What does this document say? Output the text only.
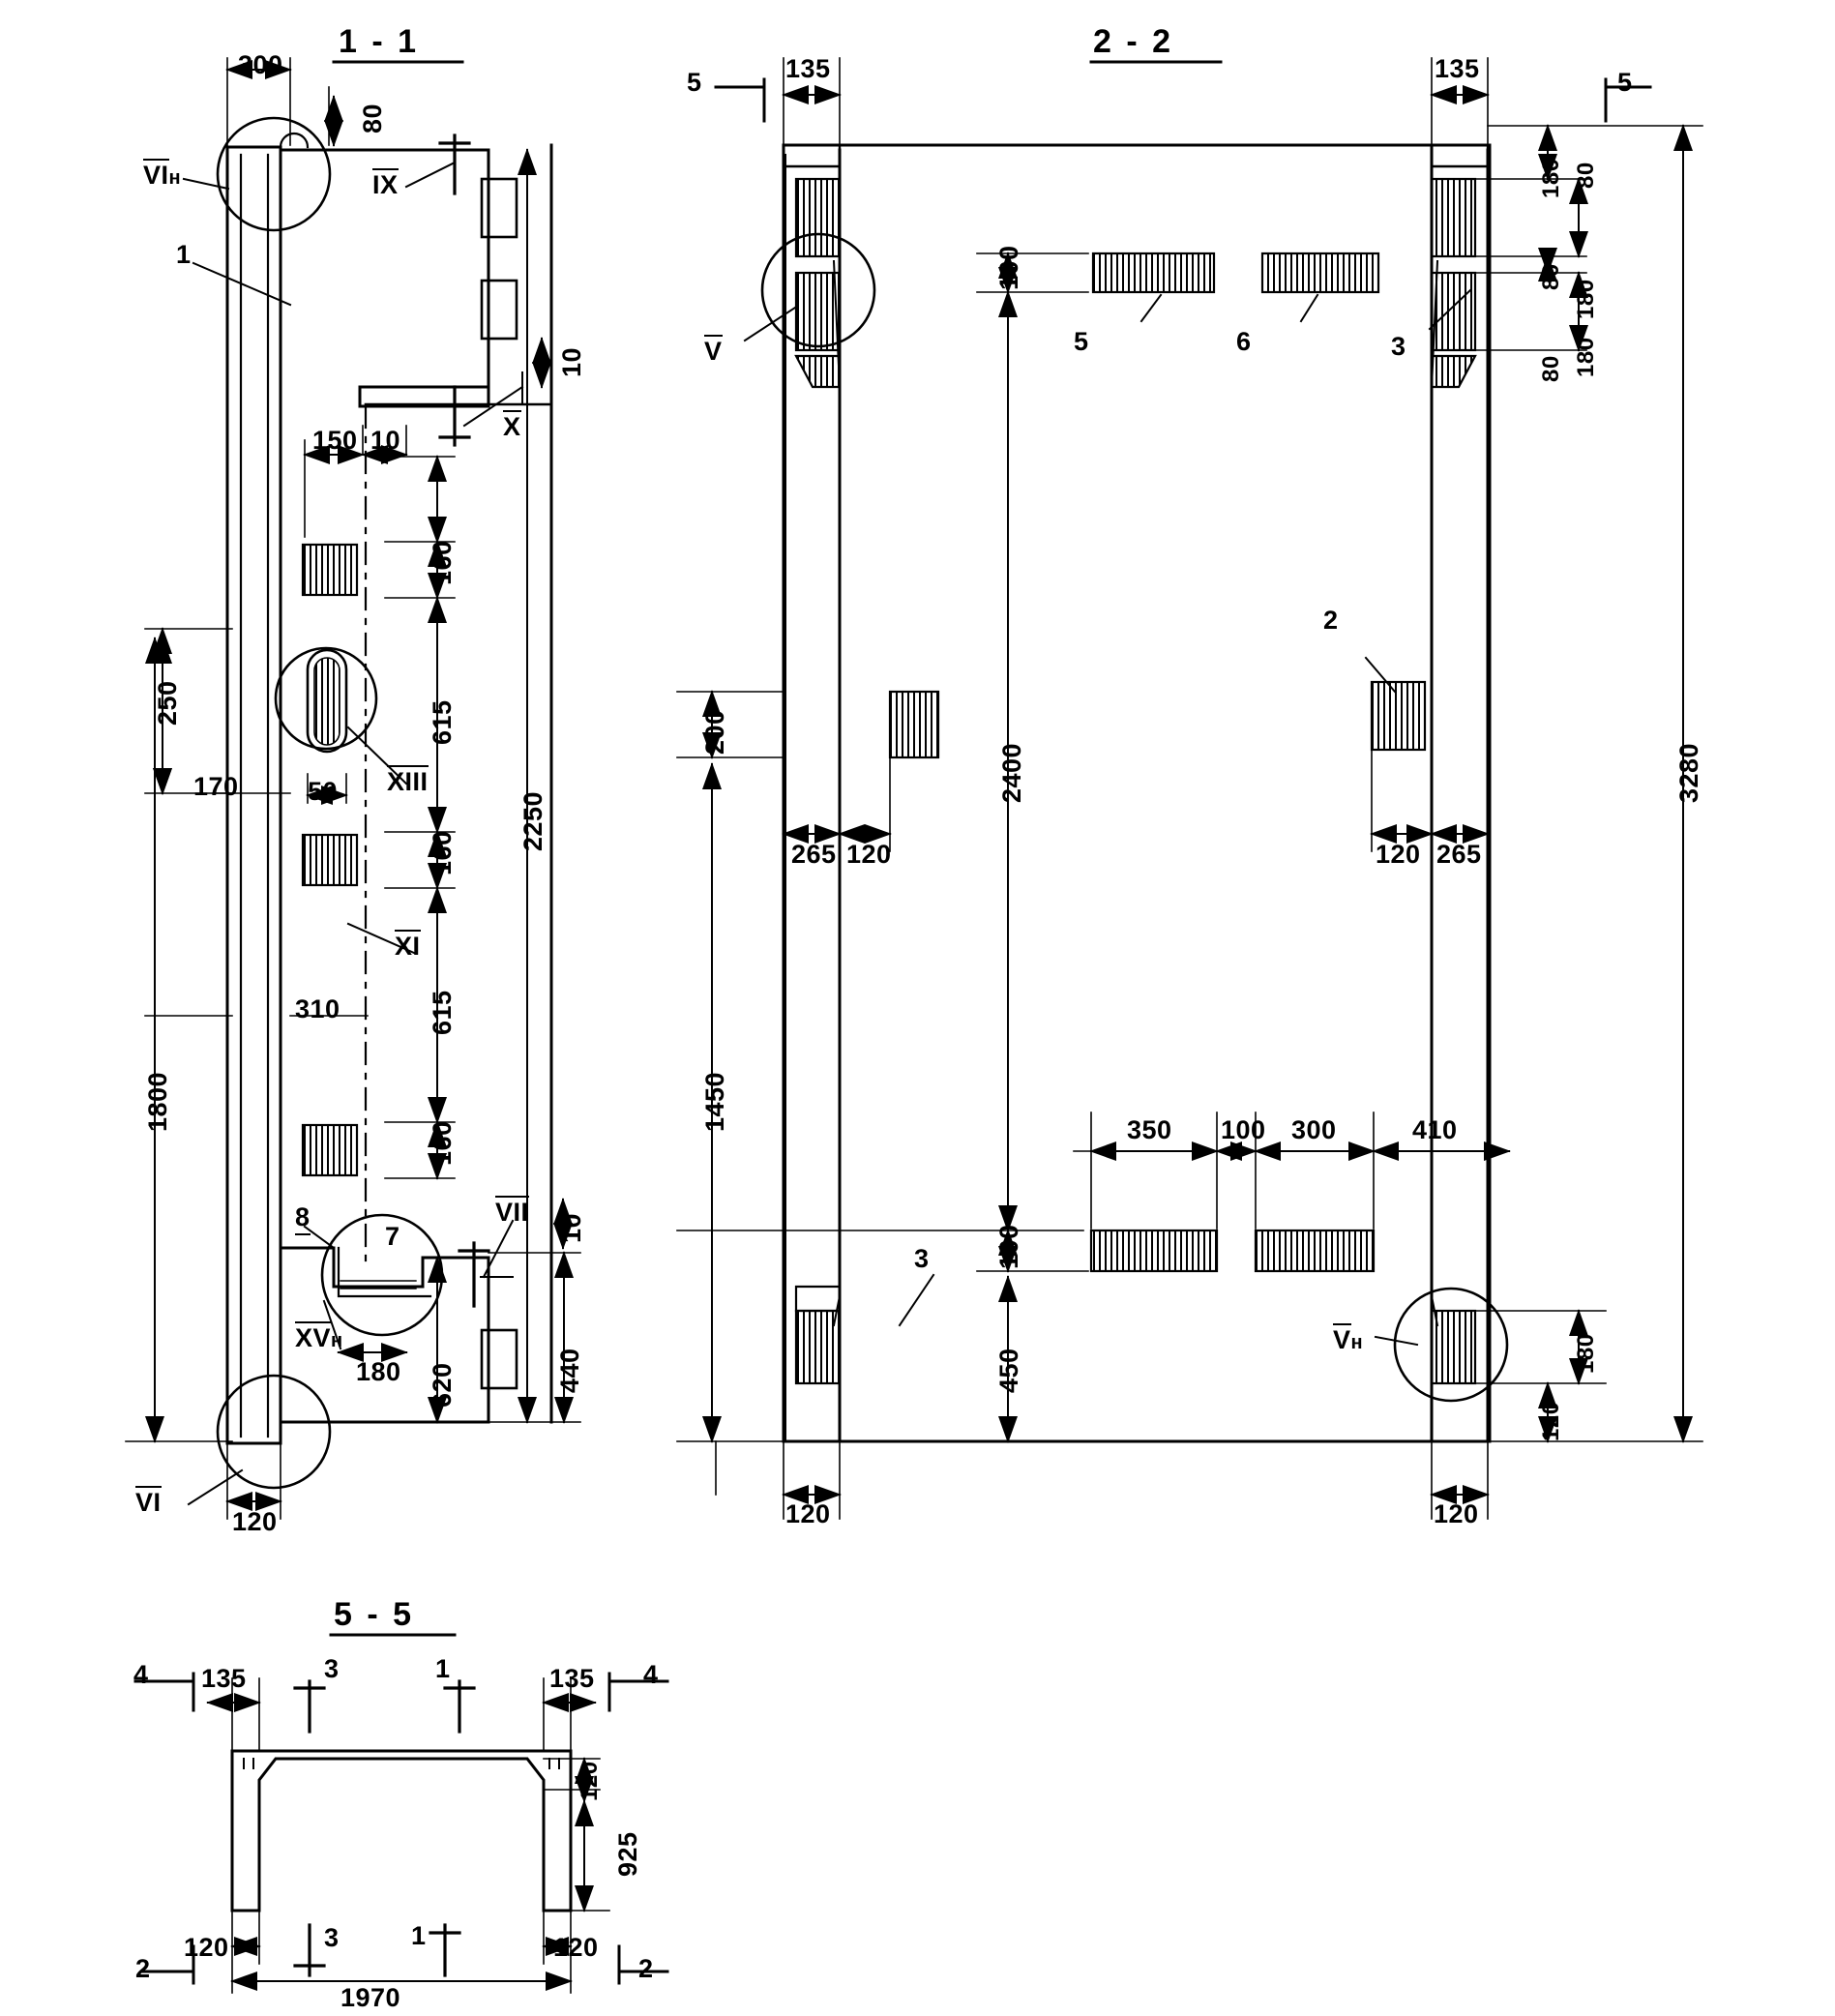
1 - 1
300
80
10
150 10
160
615
160
615
160
2250
250
170	50
310
1800
180 620	440
10
120
VIн	IX
X
XIII
XI
VII
XVн
VI
1
8
7
2 - 2
5	5
135	135
180 80
80
180
80 180
3280
100
200
2400
265 120	120 265
1450	350 100 300	410
100
450	180
120
120	120
V
Vн
5	6	3
2
3
5 - 5
4	4
3	1
3	1
2	2
135	135
120
925
120	120
1970
